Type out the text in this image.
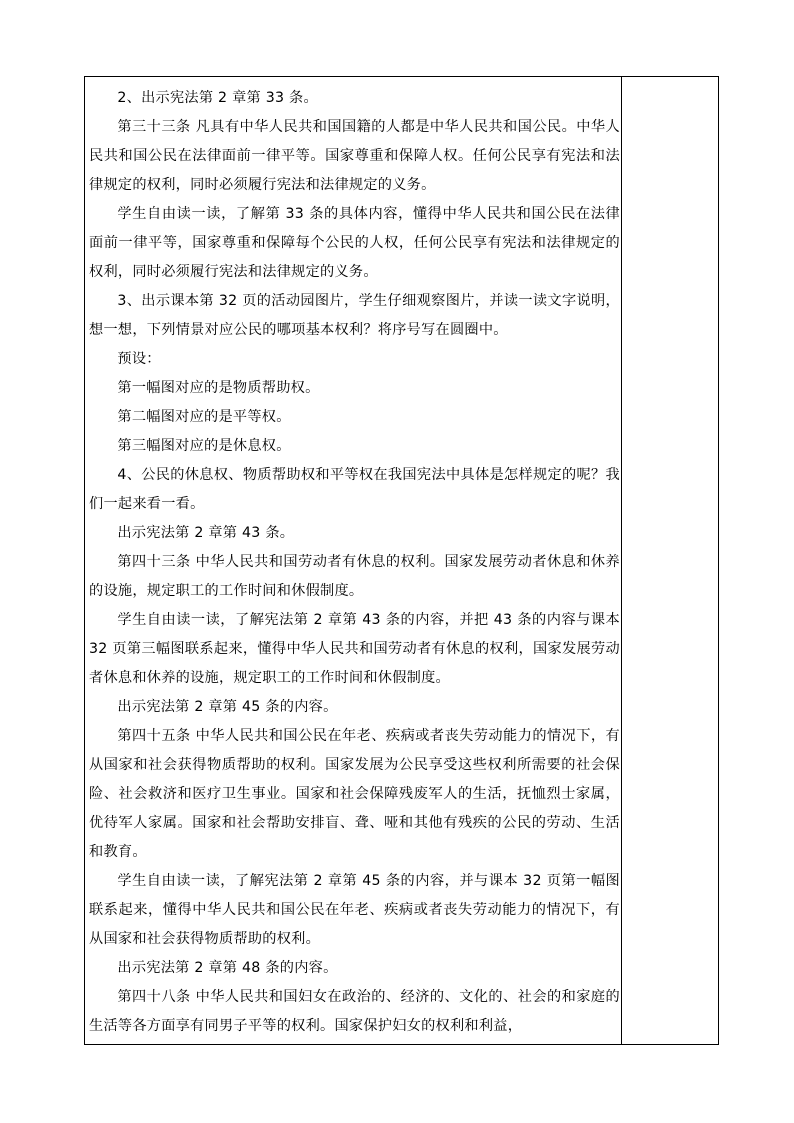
2、出示宪法第 2 章第 33 条。

第三十三条 凡具有中华人民共和国国籍的人都是中华人民共和国公民。中华人民共和国公民在法律面前一律平等。国家尊重和保障人权。任何公民享有宪法和法律规定的权利，同时必须履行宪法和法律规定的义务。

学生自由读一读，了解第 33 条的具体内容，懂得中华人民共和国公民在法律面前一律平等，国家尊重和保障每个公民的人权，任何公民享有宪法和法律规定的权利，同时必须履行宪法和法律规定的义务。

3、出示课本第 32 页的活动园图片，学生仔细观察图片，并读一读文字说明，想一想，下列情景对应公民的哪项基本权利？将序号写在圆圈中。

预设：

第一幅图对应的是物质帮助权。

第二幅图对应的是平等权。

第三幅图对应的是休息权。

4、公民的休息权、物质帮助权和平等权在我国宪法中具体是怎样规定的呢？我们一起来看一看。

出示宪法第 2 章第 43 条。

第四十三条 中华人民共和国劳动者有休息的权利。国家发展劳动者休息和休养的设施，规定职工的工作时间和休假制度。

学生自由读一读，了解宪法第 2 章第 43 条的内容，并把 43 条的内容与课本 32 页第三幅图联系起来，懂得中华人民共和国劳动者有休息的权利，国家发展劳动者休息和休养的设施，规定职工的工作时间和休假制度。

出示宪法第 2 章第 45 条的内容。

第四十五条 中华人民共和国公民在年老、疾病或者丧失劳动能力的情况下，有从国家和社会获得物质帮助的权利。国家发展为公民享受这些权利所需要的社会保险、社会救济和医疗卫生事业。国家和社会保障残废军人的生活，抚恤烈士家属，优待军人家属。国家和社会帮助安排盲、聋、哑和其他有残疾的公民的劳动、生活和教育。

学生自由读一读，了解宪法第 2 章第 45 条的内容，并与课本 32 页第一幅图联系起来，懂得中华人民共和国公民在年老、疾病或者丧失劳动能力的情况下，有从国家和社会获得物质帮助的权利。

出示宪法第 2 章第 48 条的内容。

第四十八条 中华人民共和国妇女在政治的、经济的、文化的、社会的和家庭的生活等各方面享有同男子平等的权利。国家保护妇女的权利和利益，
